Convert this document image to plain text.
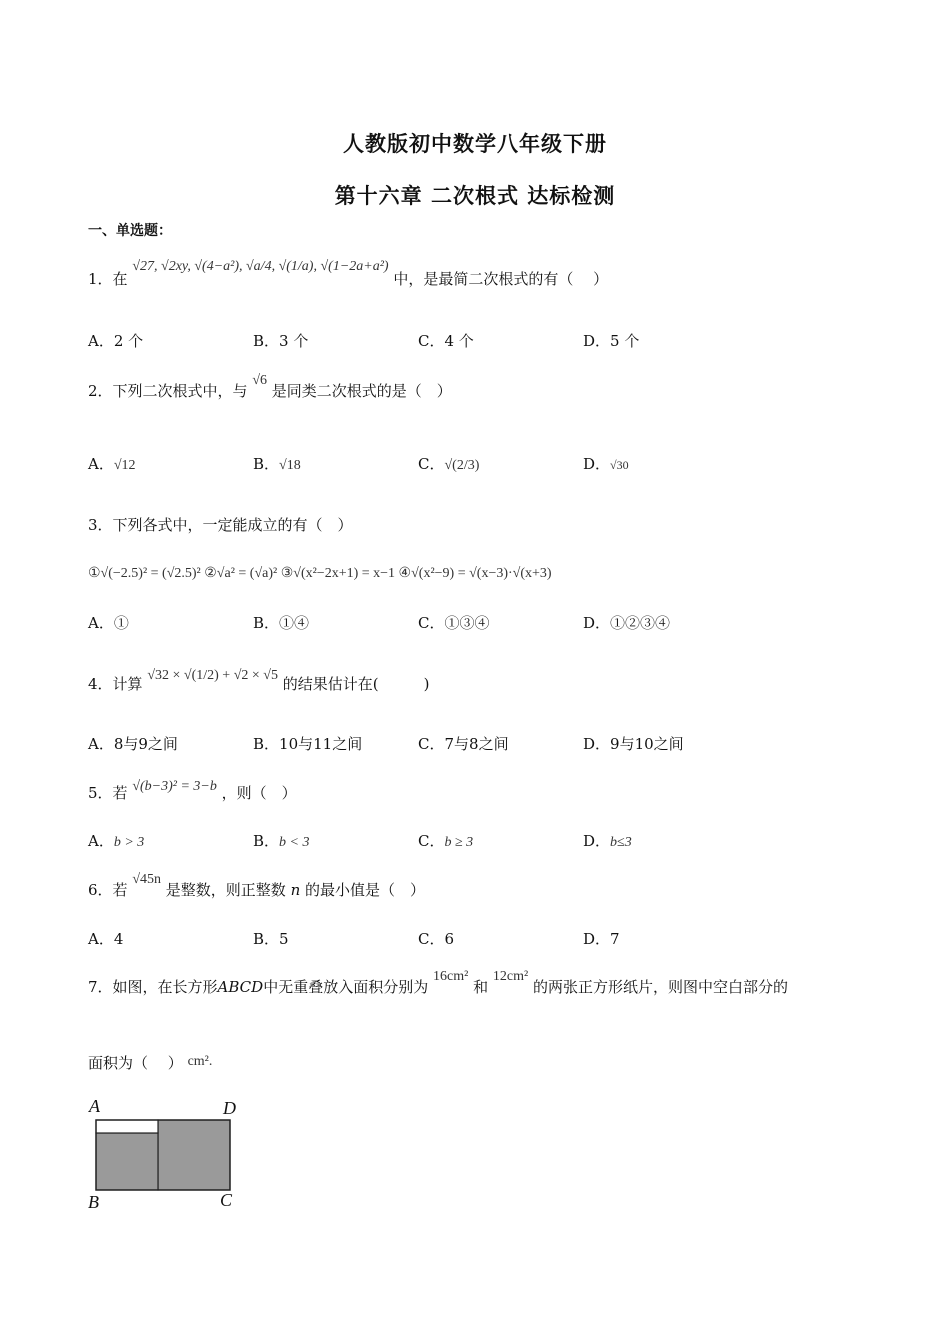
人教版初中数学八年级下册
第十六章 二次根式 达标检测
一、单选题：
1．在 √27, √2xy, √(4−a²), √a/4, √(1/a), √(1−2a+a²) 中，是最简二次根式的有（　 ）
A．2 个	B．3 个	C．4 个	D．5 个
2．下列二次根式中，与 √6 是同类二次根式的是（　）
A．√12	B．√18	C．√(2/3)	D．√30
3．下列各式中，一定能成立的有（　）
①√(−2.5)² = (√2.5)² ②√a² = (√a)² ③√(x²−2x+1) = x−1 ④√(x²−9) = √(x−3)·√(x+3)
A．①	B．①④	C．①③④	D．①②③④
4．计算 √32 × √(1/2) + √2 × √5 的结果估计在(　　　)
A．8与9之间	B．10与11之间	C．7与8之间	D．9与10之间
5．若 √(b−3)² = 3−b ，则（　）
A．b > 3	B．b < 3	C．b ≥ 3	D．b≤3
6．若 √45n 是整数，则正整数 n 的最小值是（　）
A．4	B．5	C．6	D．7
7．如图，在长方形ABCD中无重叠放入面积分别为 16cm² 和 12cm² 的两张正方形纸片，则图中空白部分的
面积为（　 ） cm².
A	D
B	C
